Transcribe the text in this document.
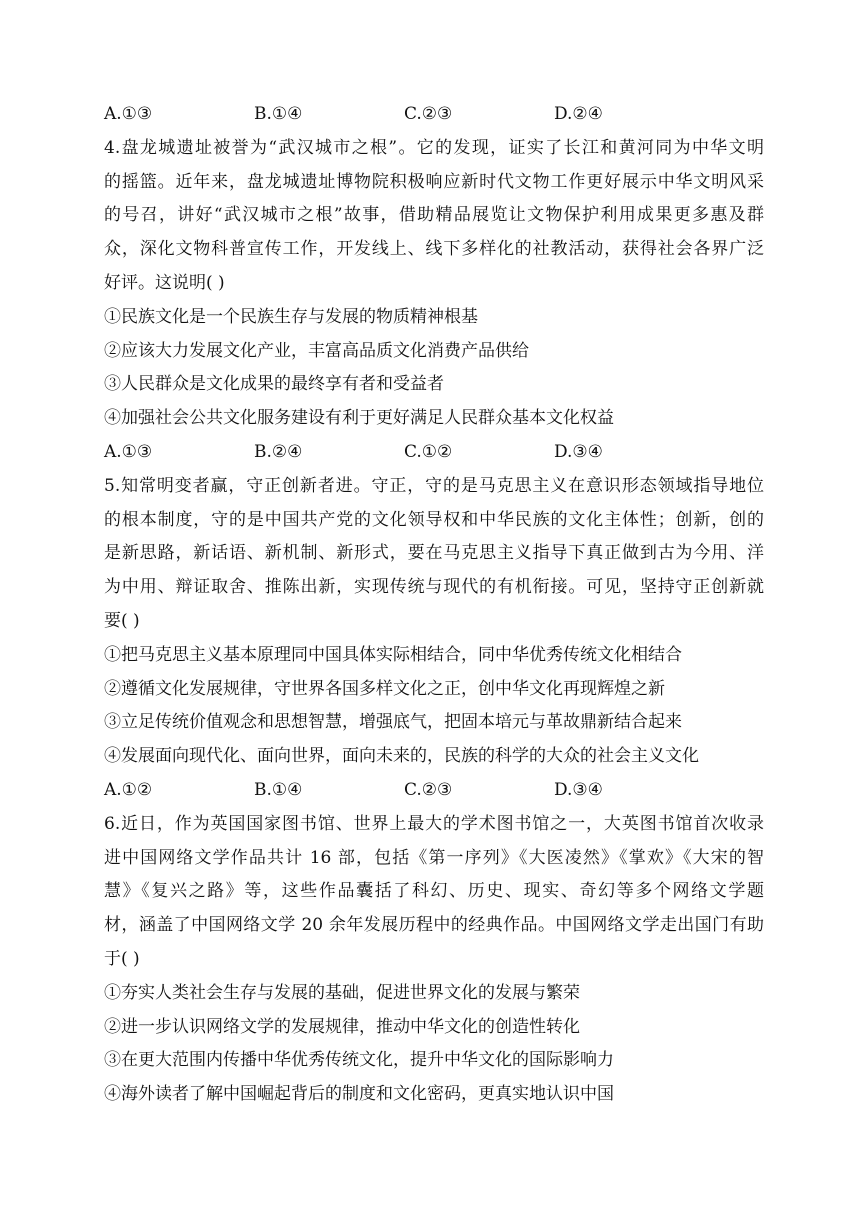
A.①③	B.①④	C.②③	D.②④
4.盘龙城遗址被誉为“武汉城市之根”。它的发现，证实了长江和黄河同为中华文明
的摇篮。近年来，盘龙城遗址博物院积极响应新时代文物工作更好展示中华文明风采
的号召，讲好“武汉城市之根”故事，借助精品展览让文物保护利用成果更多惠及群
众，深化文物科普宣传工作，开发线上、线下多样化的社教活动，获得社会各界广泛
好评。这说明( )
①民族文化是一个民族生存与发展的物质精神根基
②应该大力发展文化产业，丰富高品质文化消费产品供给
③人民群众是文化成果的最终享有者和受益者
④加强社会公共文化服务建设有利于更好满足人民群众基本文化权益
A.①③	B.②④	C.①②	D.③④
5.知常明变者赢，守正创新者进。守正，守的是马克思主义在意识形态领域指导地位
的根本制度，守的是中国共产党的文化领导权和中华民族的文化主体性；创新，创的
是新思路，新话语、新机制、新形式，要在马克思主义指导下真正做到古为今用、洋
为中用、辩证取舍、推陈出新，实现传统与现代的有机衔接。可见，坚持守正创新就
要( )
①把马克思主义基本原理同中国具体实际相结合，同中华优秀传统文化相结合
②遵循文化发展规律，守世界各国多样文化之正，创中华文化再现辉煌之新
③立足传统价值观念和思想智慧，增强底气，把固本培元与革故鼎新结合起来
④发展面向现代化、面向世界，面向未来的，民族的科学的大众的社会主义文化
A.①②	B.①④	C.②③	D.③④
6.近日，作为英国国家图书馆、世界上最大的学术图书馆之一，大英图书馆首次收录
进中国网络文学作品共计 16 部，包括《第一序列》《大医凌然》《掌欢》《大宋的智
慧》《复兴之路》等，这些作品囊括了科幻、历史、现实、奇幻等多个网络文学题
材，涵盖了中国网络文学 20 余年发展历程中的经典作品。中国网络文学走出国门有助
于( )
①夯实人类社会生存与发展的基础，促进世界文化的发展与繁荣
②进一步认识网络文学的发展规律，推动中华文化的创造性转化
③在更大范围内传播中华优秀传统文化，提升中华文化的国际影响力
④海外读者了解中国崛起背后的制度和文化密码，更真实地认识中国
